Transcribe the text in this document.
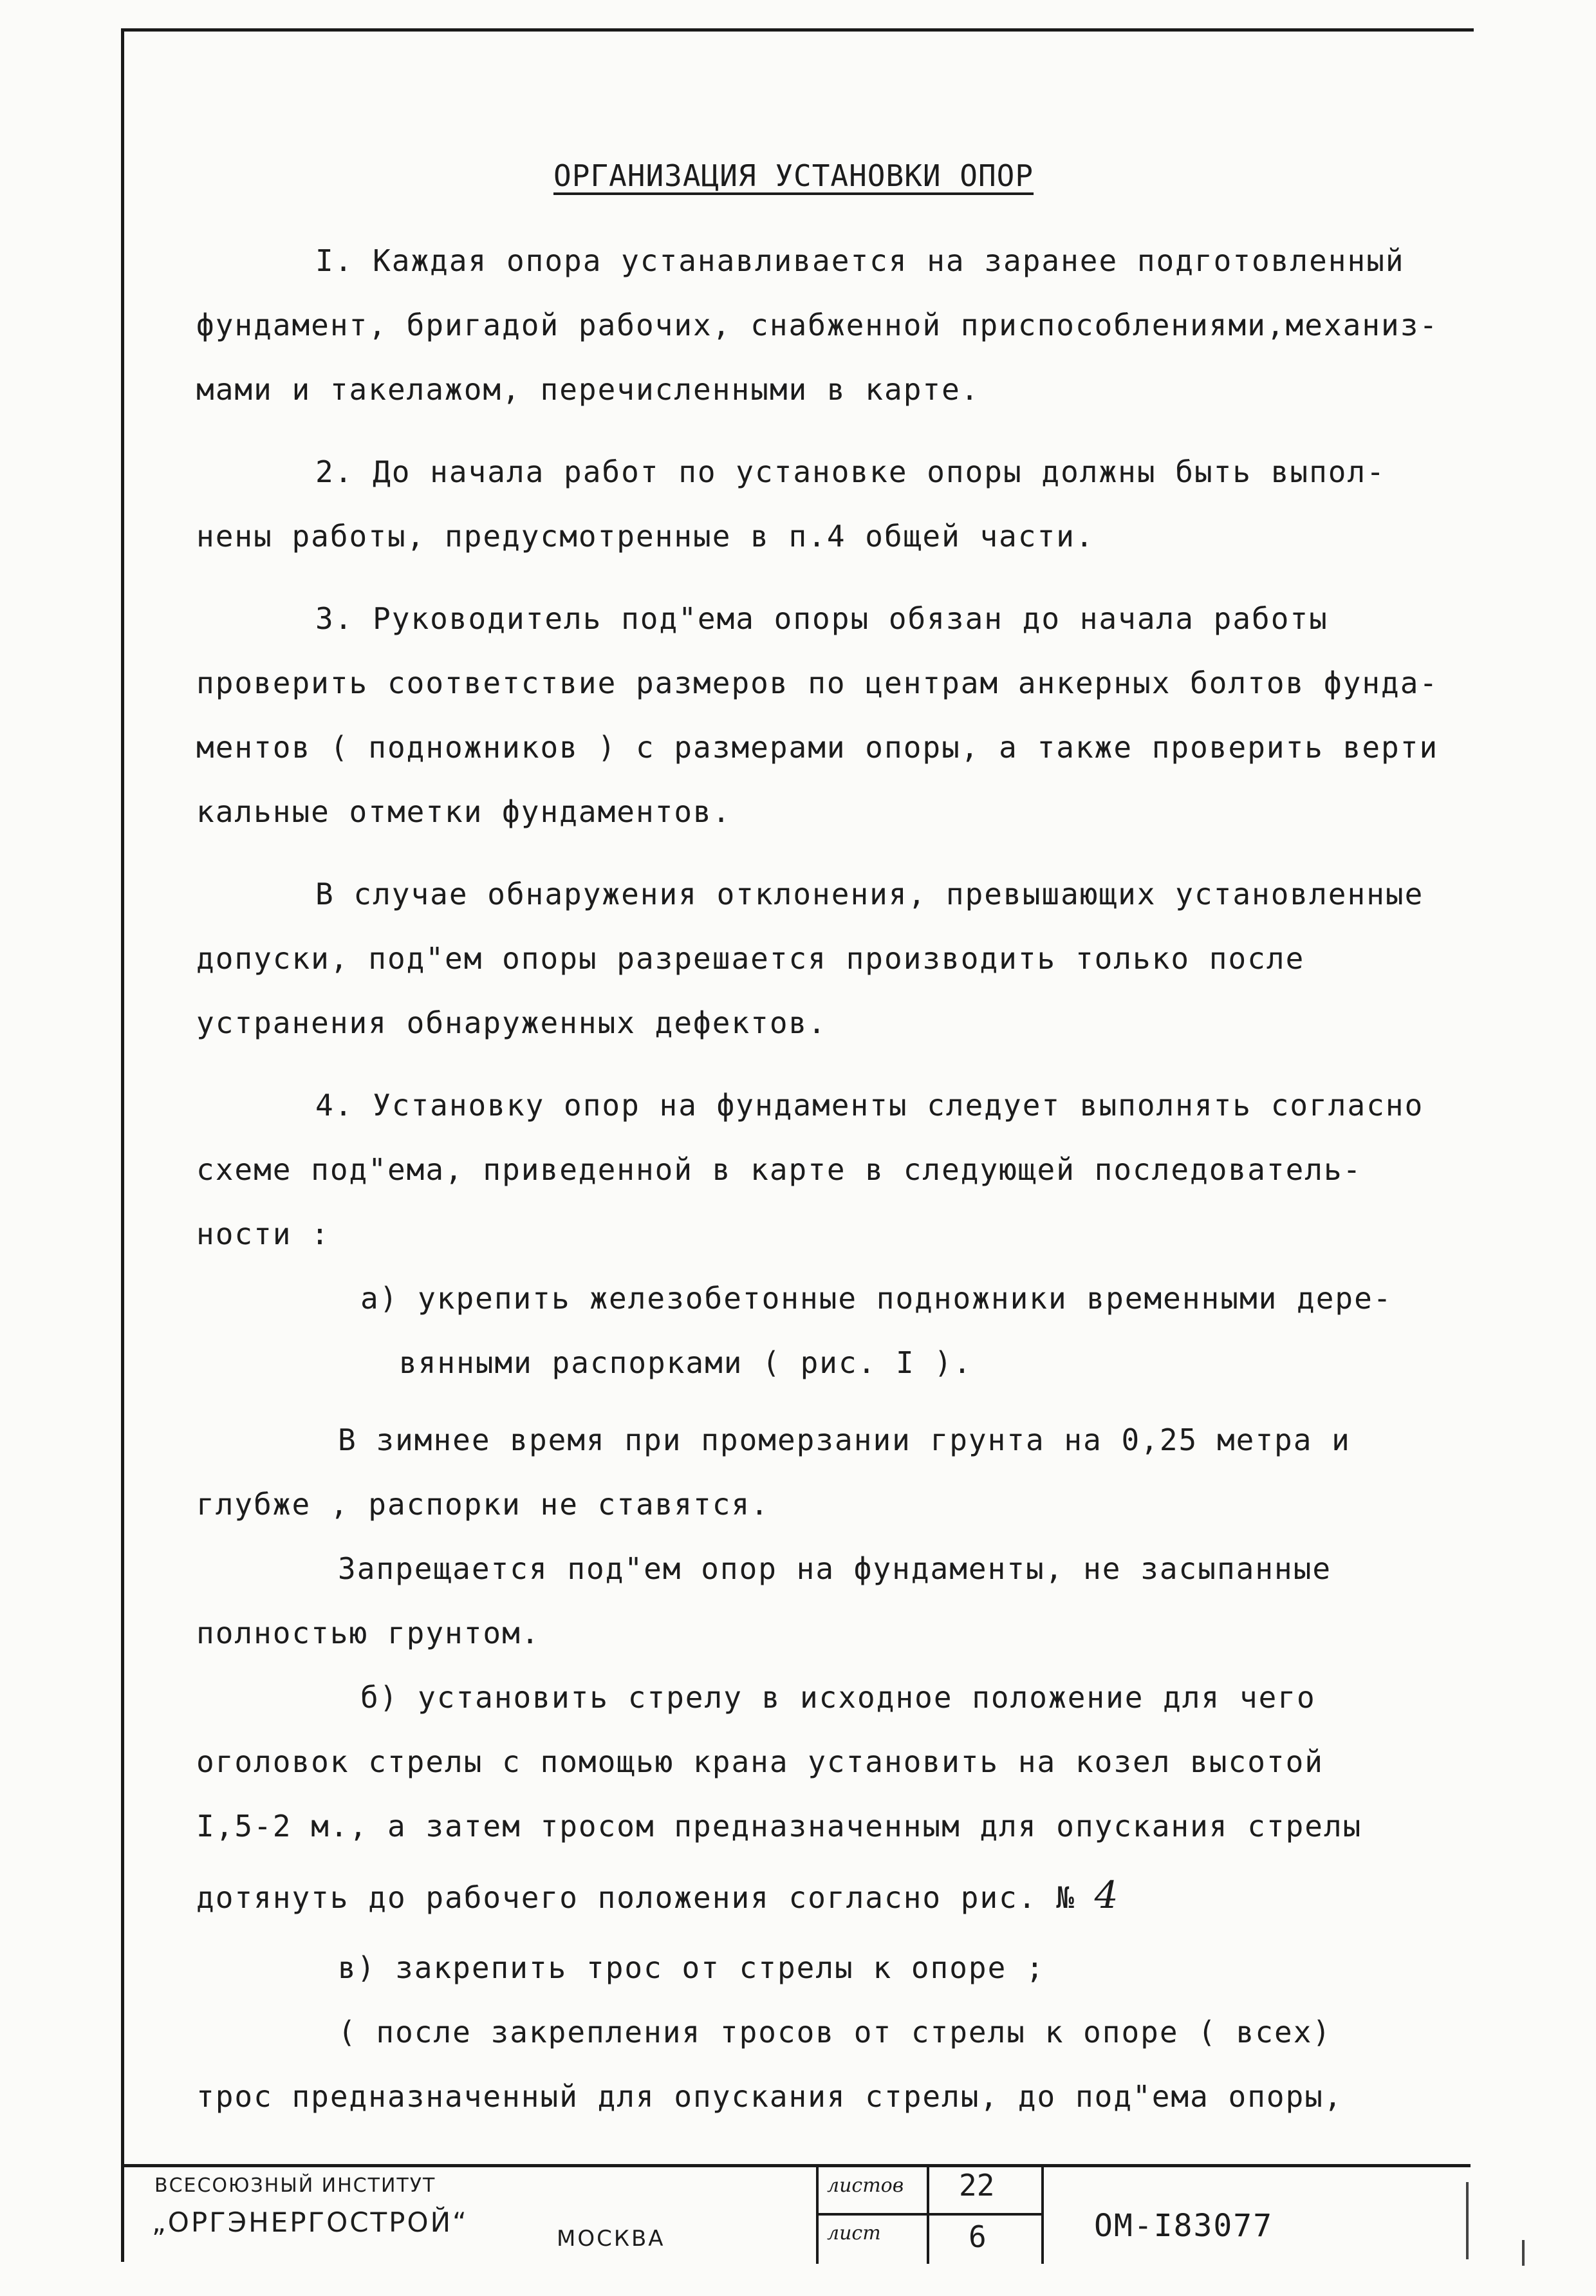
ОРГАНИЗАЦИЯ УСТАНОВКИ ОПОР
I. Каждая опора устанавливается на заранее подготовленный
фундамент, бригадой рабочих, снабженной приспособлениями,механиз-
мами и такелажом, перечисленными в карте.
2. До начала работ по установке опоры должны быть выпол-
нены работы, предусмотренные в п.4 общей части.
3. Руководитель под"ема опоры обязан до начала работы
проверить соответствие размеров по центрам анкерных болтов фунда-
ментов ( подножников ) с размерами опоры, а также проверить верти
кальные отметки фундаментов.
В случае обнаружения отклонения, превышающих установленные
допуски, под"ем опоры разрешается производить только после
устранения обнаруженных дефектов.
4. Установку опор на фундаменты следует выполнять согласно
схеме под"ема, приведенной в карте в следующей последователь-
ности :
а) укрепить железобетонные подножники временными дере-
вянными распорками ( рис. I ).
В зимнее время при промерзании грунта на 0,25 метра и
глубже , распорки не ставятся.
Запрещается под"ем опор на фундаменты, не засыпанные
полностью грунтом.
б) установить стрелу в исходное положение для чего
оголовок стрелы с помощью крана установить на козел высотой
I,5-2 м., а затем тросом предназначенным для опускания стрелы
дотянуть до рабочего положения согласно рис. № 4
в) закрепить трос от стрелы к опоре ;
( после закрепления тросов от стрелы к опоре ( всех)
трос предназначенный для опускания стрелы, до под"ема опоры,
ВСЕСОЮЗНЫЙ ИНСТИТУТ
„ОРГЭНЕРГОСТРОЙ“
МОСКВА
листов 22
лист	6	ОМ-I83077
